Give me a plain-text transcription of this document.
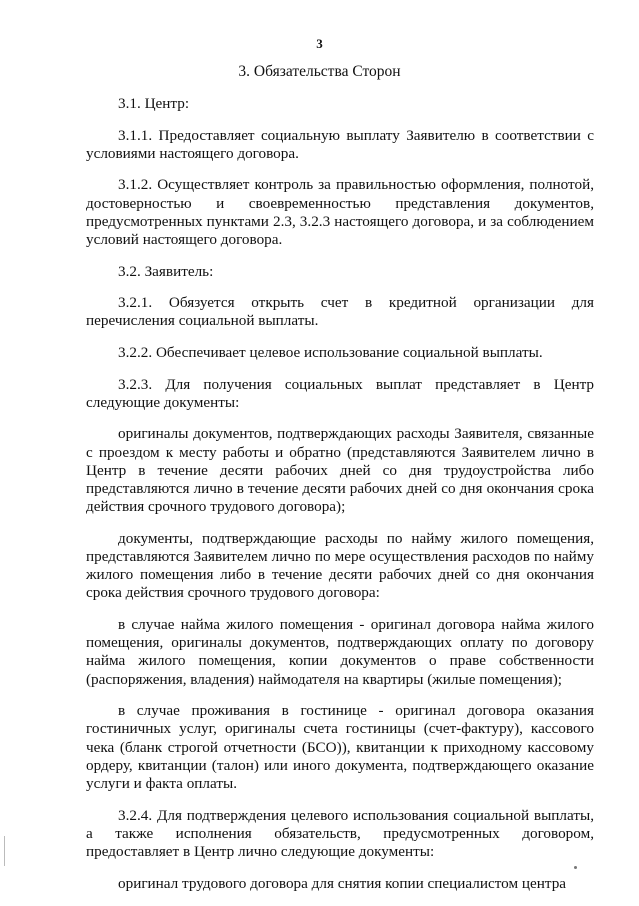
3
3. Обязательства Сторон

3.1. Центр:

3.1.1. Предоставляет социальную выплату Заявителю в соответствии с условиями настоящего договора.

3.1.2. Осуществляет контроль за правильностью оформления, полнотой, достоверностью и своевременностью представления документов, предусмотренных пунктами 2.3, 3.2.3 настоящего договора, и за соблюдением условий настоящего договора.

3.2. Заявитель:

3.2.1. Обязуется открыть счет в кредитной организации для перечисления социальной выплаты.

3.2.2. Обеспечивает целевое использование социальной выплаты.

3.2.3. Для получения социальных выплат представляет в Центр следующие документы:

оригиналы документов, подтверждающих расходы Заявителя, связанные с проездом к месту работы и обратно (представляются Заявителем лично в Центр в течение десяти рабочих дней со дня трудоустройства либо представляются лично в течение десяти рабочих дней со дня окончания срока действия срочного трудового договора);

документы, подтверждающие расходы по найму жилого помещения, представляются Заявителем лично по мере осуществления расходов по найму жилого помещения либо в течение десяти рабочих дней со дня окончания срока действия срочного трудового договора:

в случае найма жилого помещения - оригинал договора найма жилого помещения, оригиналы документов, подтверждающих оплату по договору найма жилого помещения, копии документов о праве собственности (распоряжения, владения) наймодателя на квартиры (жилые помещения);

в случае проживания в гостинице - оригинал договора оказания гостиничных услуг, оригиналы счета гостиницы (счет-фактуру), кассового чека (бланк строгой отчетности (БСО)), квитанции к приходному кассовому ордеру, квитанции (талон) или иного документа, подтверждающего оказание услуги и факта оплаты.

3.2.4. Для подтверждения целевого использования социальной выплаты, а также исполнения обязательств, предусмотренных договором, предоставляет в Центр лично следующие документы:

оригинал трудового договора для снятия копии специалистом центра
